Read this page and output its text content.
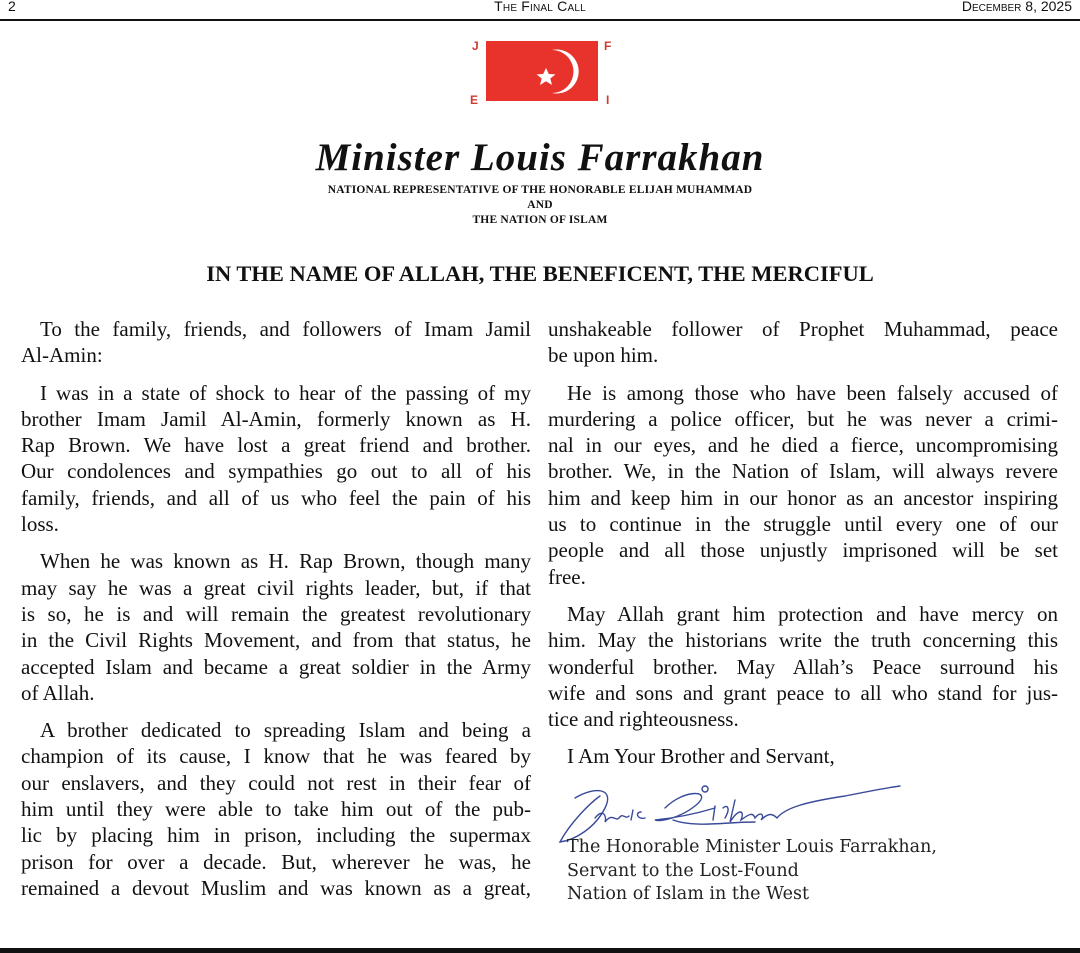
2	The Final Call	December 8, 2025
J	F
E	I
Minister Louis Farrakhan
NATIONAL REPRESENTATIVE OF THE HONORABLE ELIJAH MUHAMMAD
AND
THE NATION OF ISLAM
IN THE NAME OF ALLAH, THE BENEFICENT, THE MERCIFUL

To the family, friends, and followers of Imam Jamil
Al-Amin:

I was in a state of shock to hear of the passing of my
brother Imam Jamil Al-Amin, formerly known as H.
Rap Brown. We have lost a great friend and brother.
Our condolences and sympathies go out to all of his
family, friends, and all of us who feel the pain of his
loss.

When he was known as H. Rap Brown, though many
may say he was a great civil rights leader, but, if that
is so, he is and will remain the greatest revolutionary
in the Civil Rights Movement, and from that status, he
accepted Islam and became a great soldier in the Army
of Allah.

A brother dedicated to spreading Islam and being a
champion of its cause, I know that he was feared by
our enslavers, and they could not rest in their fear of
him until they were able to take him out of the pub-
lic by placing him in prison, including the supermax
prison for over a decade. But, wherever he was, he
remained a devout Muslim and was known as a great,

unshakeable follower of Prophet Muhammad, peace
be upon him.

He is among those who have been falsely accused of
murdering a police officer, but he was never a crimi-
nal in our eyes, and he died a fierce, uncompromising
brother. We, in the Nation of Islam, will always revere
him and keep him in our honor as an ancestor inspiring
us to continue in the struggle until every one of our
people and all those unjustly imprisoned will be set
free.

May Allah grant him protection and have mercy on
him. May the historians write the truth concerning this
wonderful brother. May Allah’s Peace surround his
wife and sons and grant peace to all who stand for jus-
tice and righteousness.

I Am Your Brother and Servant,

The Honorable Minister Louis Farrakhan,
Servant to the Lost-Found
Nation of Islam in the West
